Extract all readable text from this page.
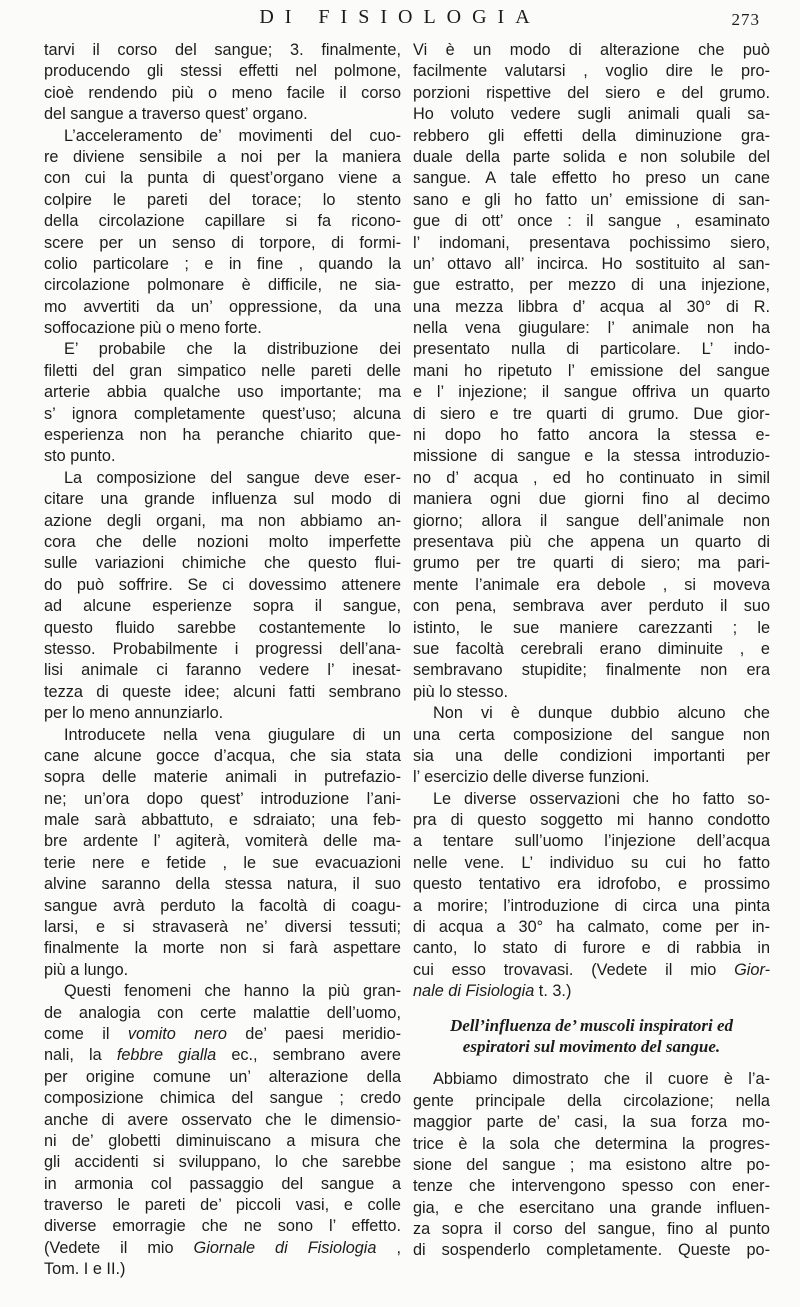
DI FISIOLOGIA	273
tarvi il corso del sangue; 3. finalmente,
producendo gli stessi effetti nel polmone,
cioè rendendo più o meno facile il corso
del sangue a traverso quest’ organo.
L’acceleramento de’ movimenti del cuo-
re diviene sensibile a noi per la maniera
con cui la punta di quest’organo viene a
colpire le pareti del torace; lo stento
della circolazione capillare si fa ricono-
scere per un senso di torpore, di formi-
colio particolare ; e in fine , quando la
circolazione polmonare è difficile, ne sia-
mo avvertiti da un’ oppressione, da una
soffocazione più o meno forte.
E’ probabile che la distribuzione dei
filetti del gran simpatico nelle pareti delle
arterie abbia qualche uso importante; ma
s’ ignora completamente quest’uso; alcuna
esperienza non ha peranche chiarito que-
sto punto.
La composizione del sangue deve eser-
citare una grande influenza sul modo di
azione degli organi, ma non abbiamo an-
cora che delle nozioni molto imperfette
sulle variazioni chimiche che questo flui-
do può soffrire. Se ci dovessimo attenere
ad alcune esperienze sopra il sangue,
questo fluido sarebbe costantemente lo
stesso. Probabilmente i progressi dell’ana-
lisi animale ci faranno vedere l’ inesat-
tezza di queste idee; alcuni fatti sembrano
per lo meno annunziarlo.
Introducete nella vena giugulare di un
cane alcune gocce d’acqua, che sia stata
sopra delle materie animali in putrefazio-
ne; un’ora dopo quest’ introduzione l’ani-
male sarà abbattuto, e sdraiato; una feb-
bre ardente l’ agiterà, vomiterà delle ma-
terie nere e fetide , le sue evacuazioni
alvine saranno della stessa natura, il suo
sangue avrà perduto la facoltà di coagu-
larsi, e si stravaserà ne’ diversi tessuti;
finalmente la morte non si farà aspettare
più a lungo.
Questi fenomeni che hanno la più gran-
de analogia con certe malattie dell’uomo,
come il vomito nero de’ paesi meridio-
nali, la febbre gialla ec., sembrano avere
per origine comune un’ alterazione della
composizione chimica del sangue ; credo
anche di avere osservato che le dimensio-
ni de’ globetti diminuiscano a misura che
gli accidenti si sviluppano, lo che sarebbe
in armonia col passaggio del sangue a
traverso le pareti de’ piccoli vasi, e colle
diverse emorragie che ne sono l’ effetto.
(Vedete il mio Giornale di Fisiologia ,
Tom. I e II.)
Vi è un modo di alterazione che può
facilmente valutarsi , voglio dire le pro-
porzioni rispettive del siero e del grumo.
Ho voluto vedere sugli animali quali sa-
rebbero gli effetti della diminuzione gra-
duale della parte solida e non solubile del
sangue. A tale effetto ho preso un cane
sano e gli ho fatto un’ emissione di san-
gue di ott’ once : il sangue , esaminato
l’ indomani, presentava pochissimo siero,
un’ ottavo all’ incirca. Ho sostituito al san-
gue estratto, per mezzo di una injezione,
una mezza libbra d’ acqua al 30° di R.
nella vena giugulare: l’ animale non ha
presentato nulla di particolare. L’ indo-
mani ho ripetuto l’ emissione del sangue
e l’ injezione; il sangue offriva un quarto
di siero e tre quarti di grumo. Due gior-
ni dopo ho fatto ancora la stessa e-
missione di sangue e la stessa introduzio-
no d’ acqua , ed ho continuato in simil
maniera ogni due giorni fino al decimo
giorno; allora il sangue dell’animale non
presentava più che appena un quarto di
grumo per tre quarti di siero; ma pari-
mente l’animale era debole , si moveva
con pena, sembrava aver perduto il suo
istinto, le sue maniere carezzanti ; le
sue facoltà cerebrali erano diminuite , e
sembravano stupidite; finalmente non era
più lo stesso.
Non vi è dunque dubbio alcuno che
una certa composizione del sangue non
sia una delle condizioni importanti per
l’ esercizio delle diverse funzioni.
Le diverse osservazioni che ho fatto so-
pra di questo soggetto mi hanno condotto
a tentare sull’uomo l’injezione dell’acqua
nelle vene. L’ individuo su cui ho fatto
questo tentativo era idrofobo, e prossimo
a morire; l’introduzione di circa una pinta
di acqua a 30° ha calmato, come per in-
canto, lo stato di furore e di rabbia in
cui esso trovavasi. (Vedete il mio Gior-
nale di Fisiologia t. 3.)
Dell’influenza de’ muscoli inspiratori ed
espiratori sul movimento del sangue.
Abbiamo dimostrato che il cuore è l’a-
gente principale della circolazione; nella
maggior parte de’ casi, la sua forza mo-
trice è la sola che determina la progres-
sione del sangue ; ma esistono altre po-
tenze che intervengono spesso con ener-
gia, e che esercitano una grande influen-
za sopra il corso del sangue, fino al punto
di sospenderlo completamente. Queste po-
